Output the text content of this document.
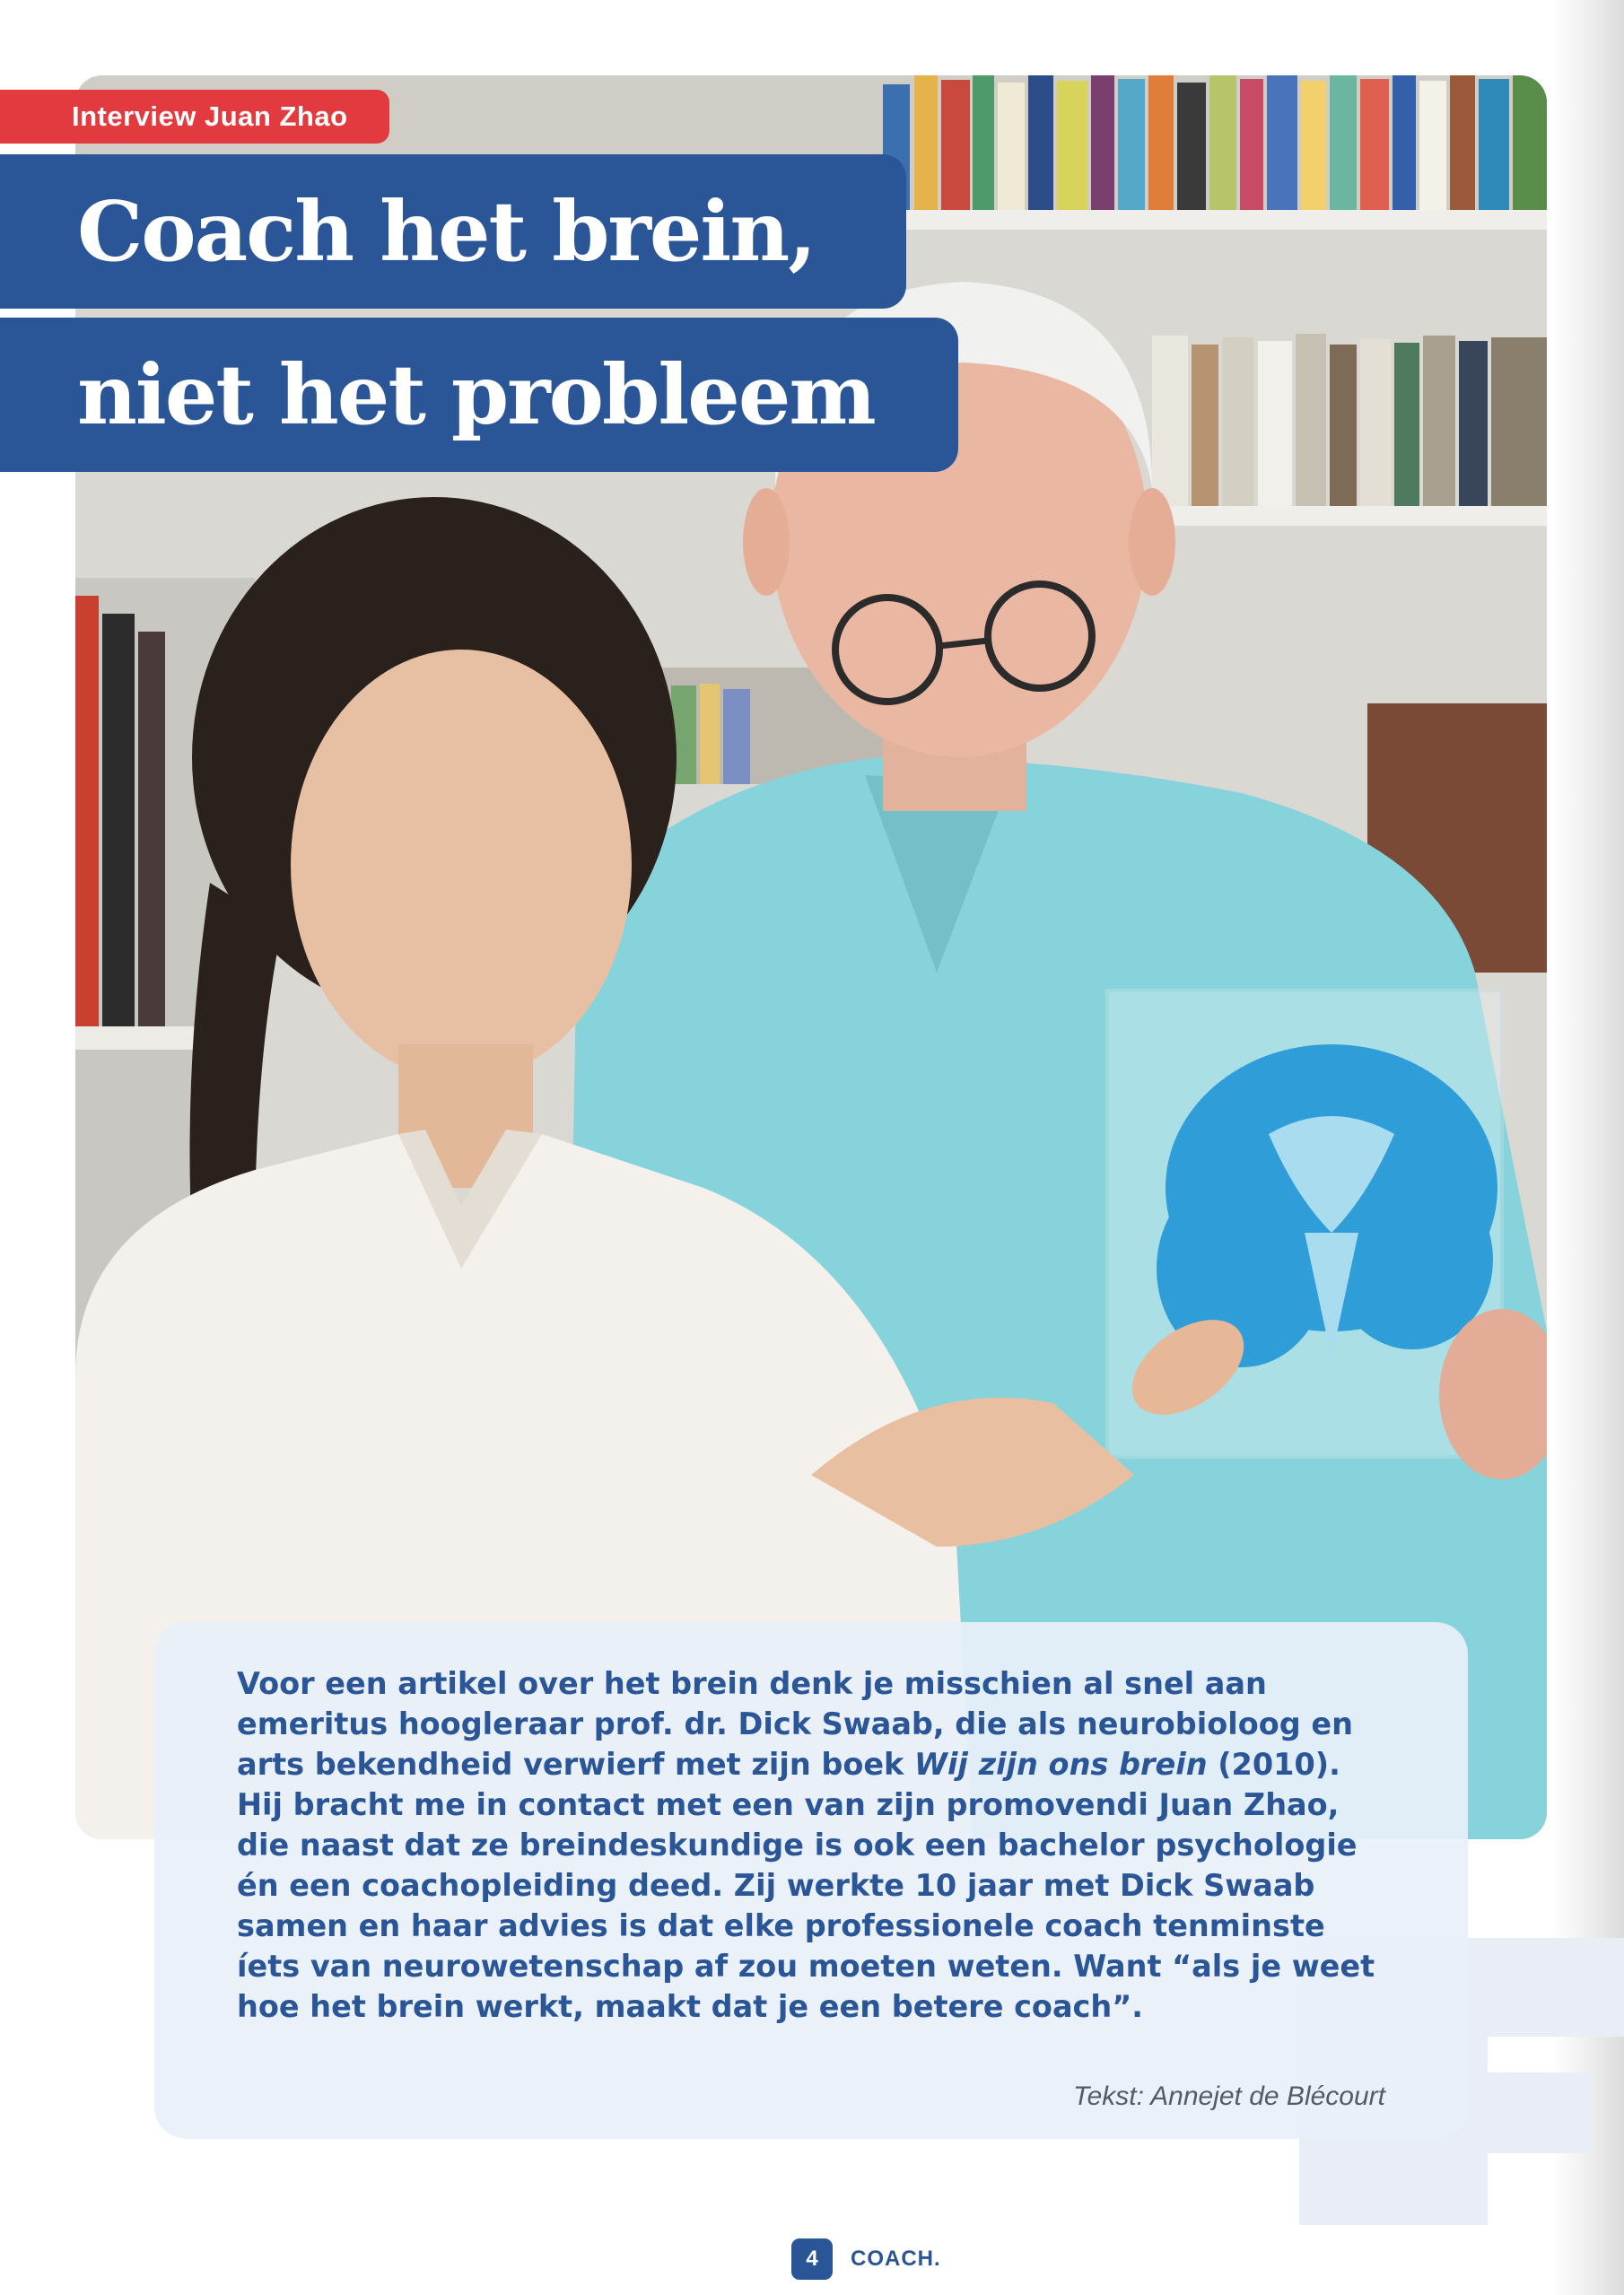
Interview Juan Zhao
Coach het brein,
niet het probleem

Voor een artikel over het brein denk je misschien al snel aan emeritus hoogleraar prof. dr. Dick Swaab, die als neurobioloog en arts bekendheid verwierf met zijn boek Wij zijn ons brein (2010). Hij bracht me in contact met een van zijn promovendi Juan Zhao, die naast dat ze breindeskundige is ook een bachelor psychologie én een coachopleiding deed. Zij werkte 10 jaar met Dick Swaab samen en haar advies is dat elke professionele coach tenminste íets van neurowetenschap af zou moeten weten. Want “als je weet hoe het brein werkt, maakt dat je een betere coach”.

Tekst: Annejet de Blécourt
4	COACH.
